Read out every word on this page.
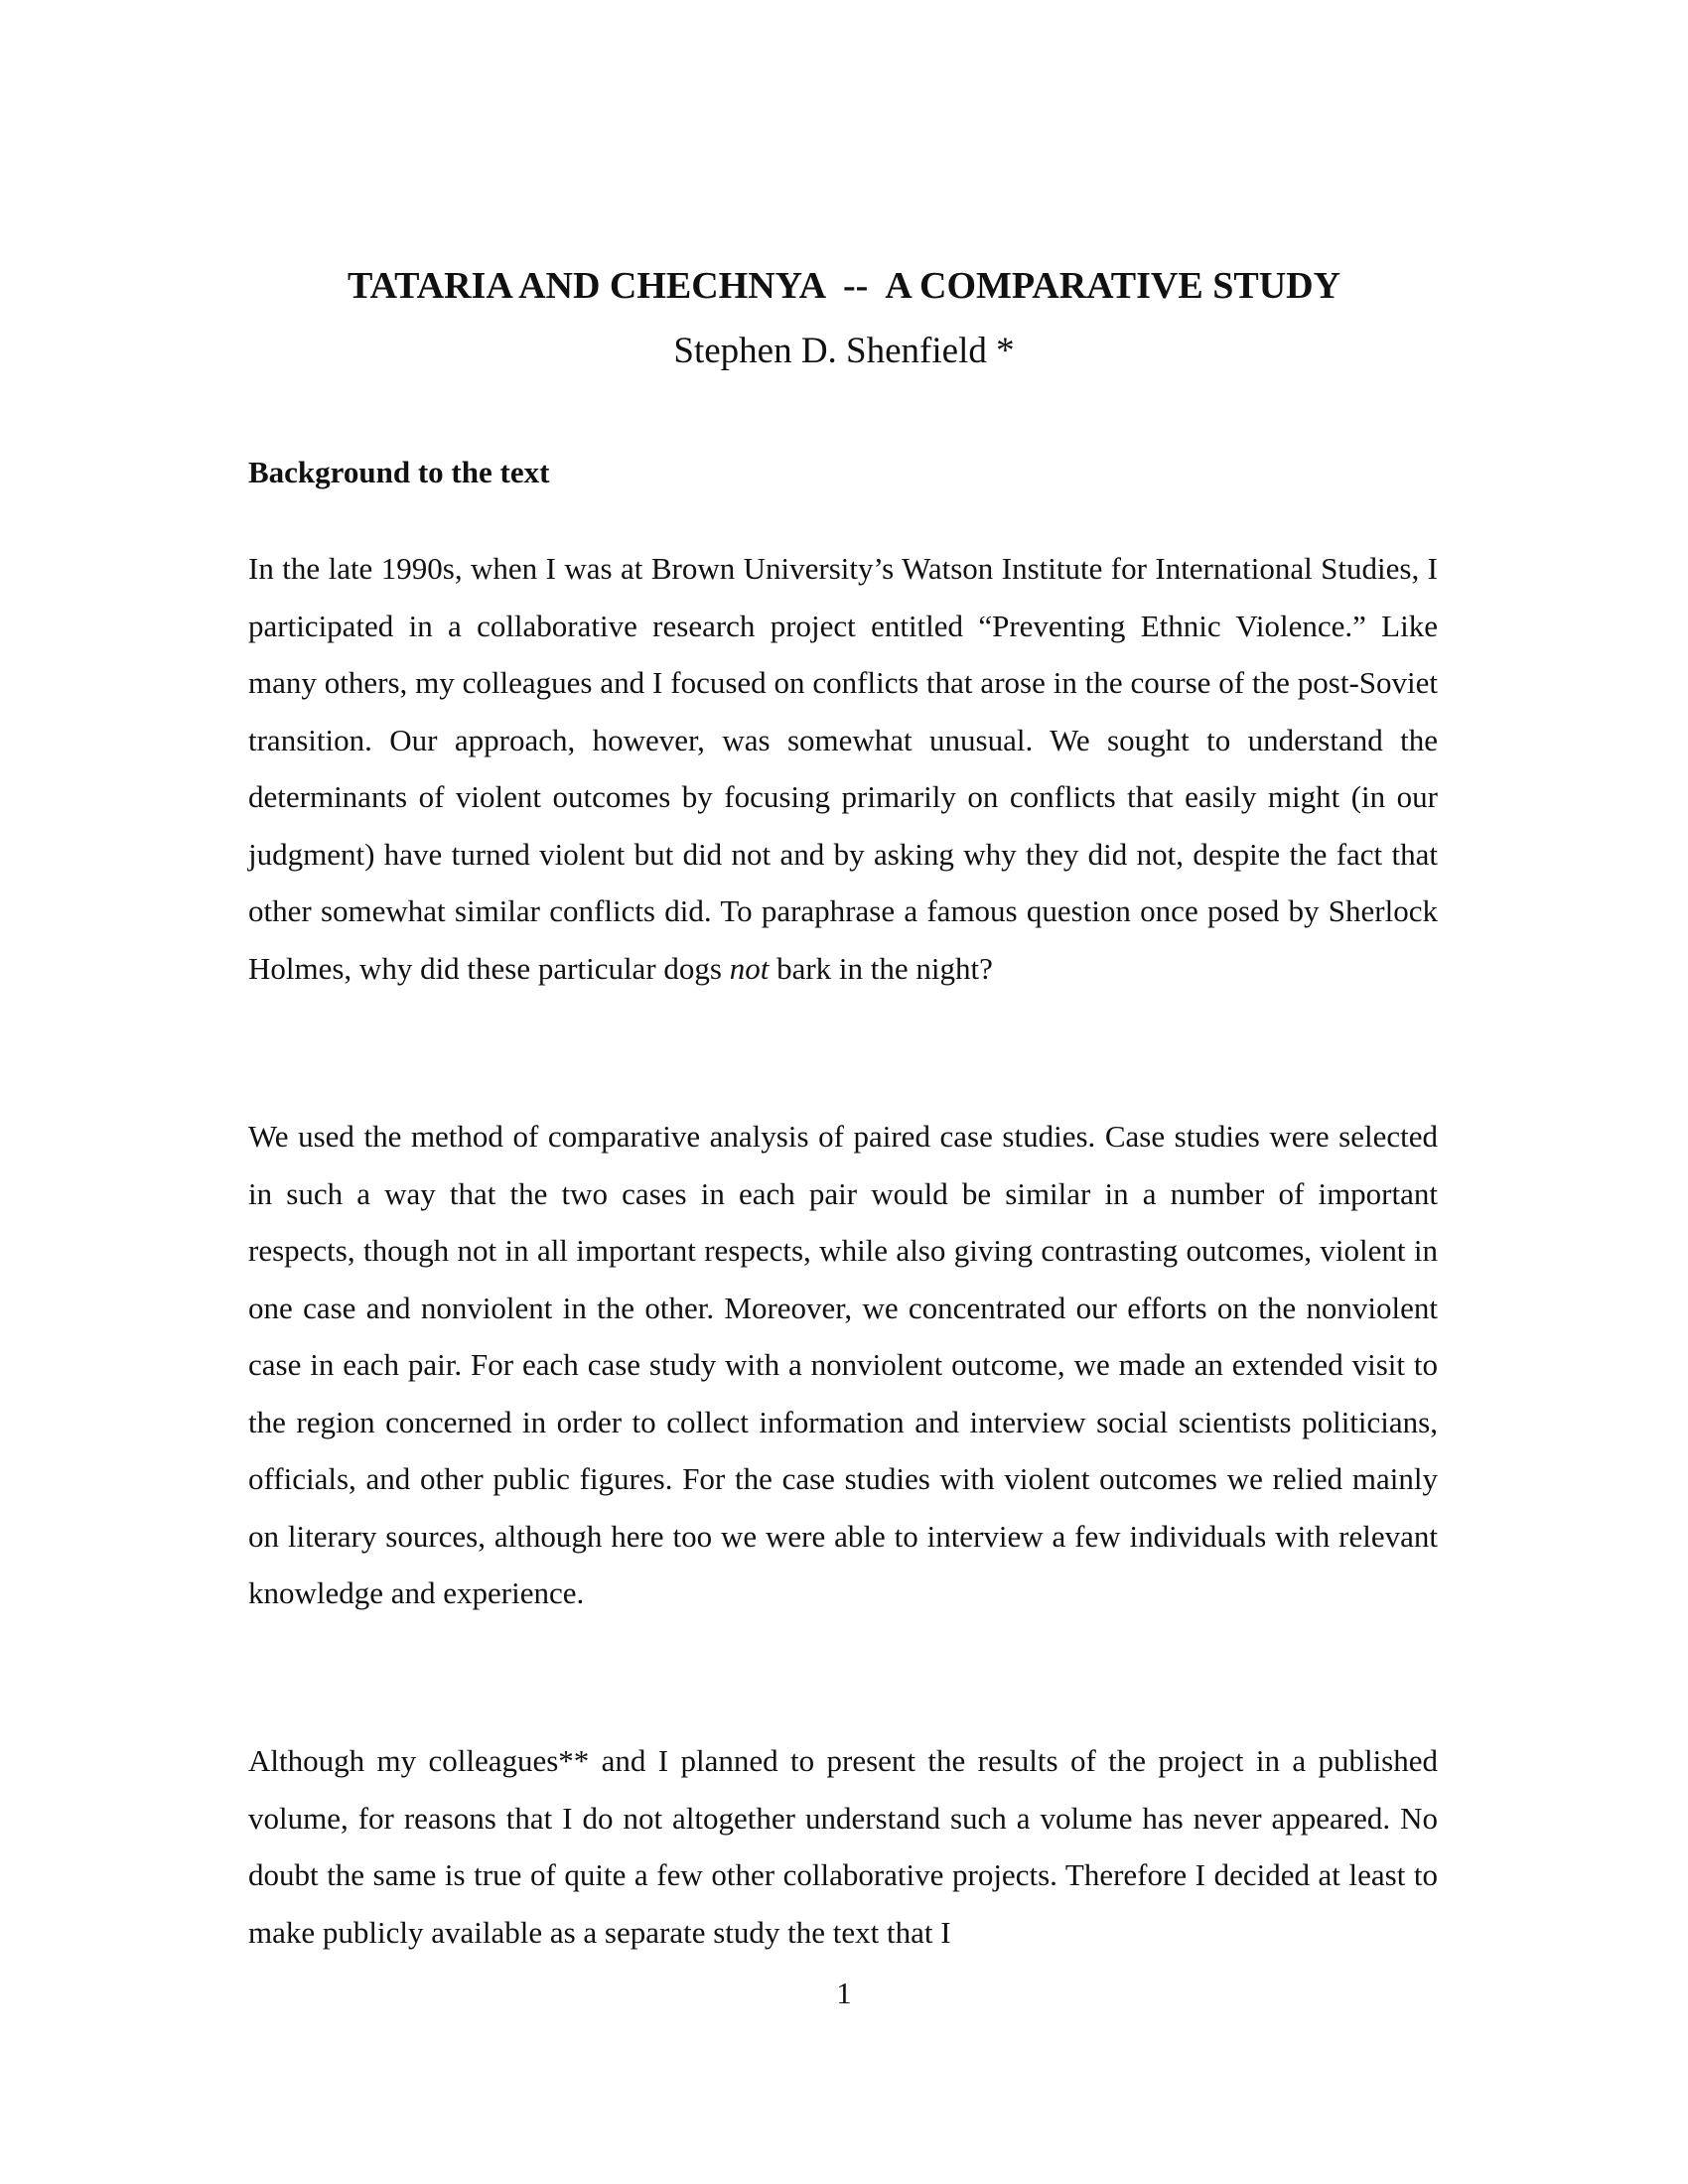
TATARIA AND CHECHNYA  --  A COMPARATIVE STUDY
Stephen D. Shenfield *
Background to the text

In the late 1990s, when I was at Brown University’s Watson Institute for International Studies, I participated in a collaborative research project entitled “Preventing Ethnic Violence.” Like many others, my colleagues and I focused on conflicts that arose in the course of the post-Soviet transition. Our approach, however, was somewhat unusual. We sought to understand the determinants of violent outcomes by focusing primarily on conflicts that easily might (in our judgment) have turned violent but did not and by asking why they did not, despite the fact that other somewhat similar conflicts did. To paraphrase a famous question once posed by Sherlock Holmes, why did these particular dogs not bark in the night?

We used the method of comparative analysis of paired case studies. Case studies were selected in such a way that the two cases in each pair would be similar in a number of important respects, though not in all important respects, while also giving contrasting outcomes, violent in one case and nonviolent in the other. Moreover, we concentrated our efforts on the nonviolent case in each pair. For each case study with a nonviolent outcome, we made an extended visit to the region concerned in order to collect information and interview social scientists politicians, officials, and other public figures. For the case studies with violent outcomes we relied mainly on literary sources, although here too we were able to interview a few individuals with relevant knowledge and experience.

Although my colleagues** and I planned to present the results of the project in a published volume, for reasons that I do not altogether understand such a volume has never appeared. No doubt the same is true of quite a few other collaborative projects. Therefore I decided at least to make publicly available as a separate study the text that I

1
